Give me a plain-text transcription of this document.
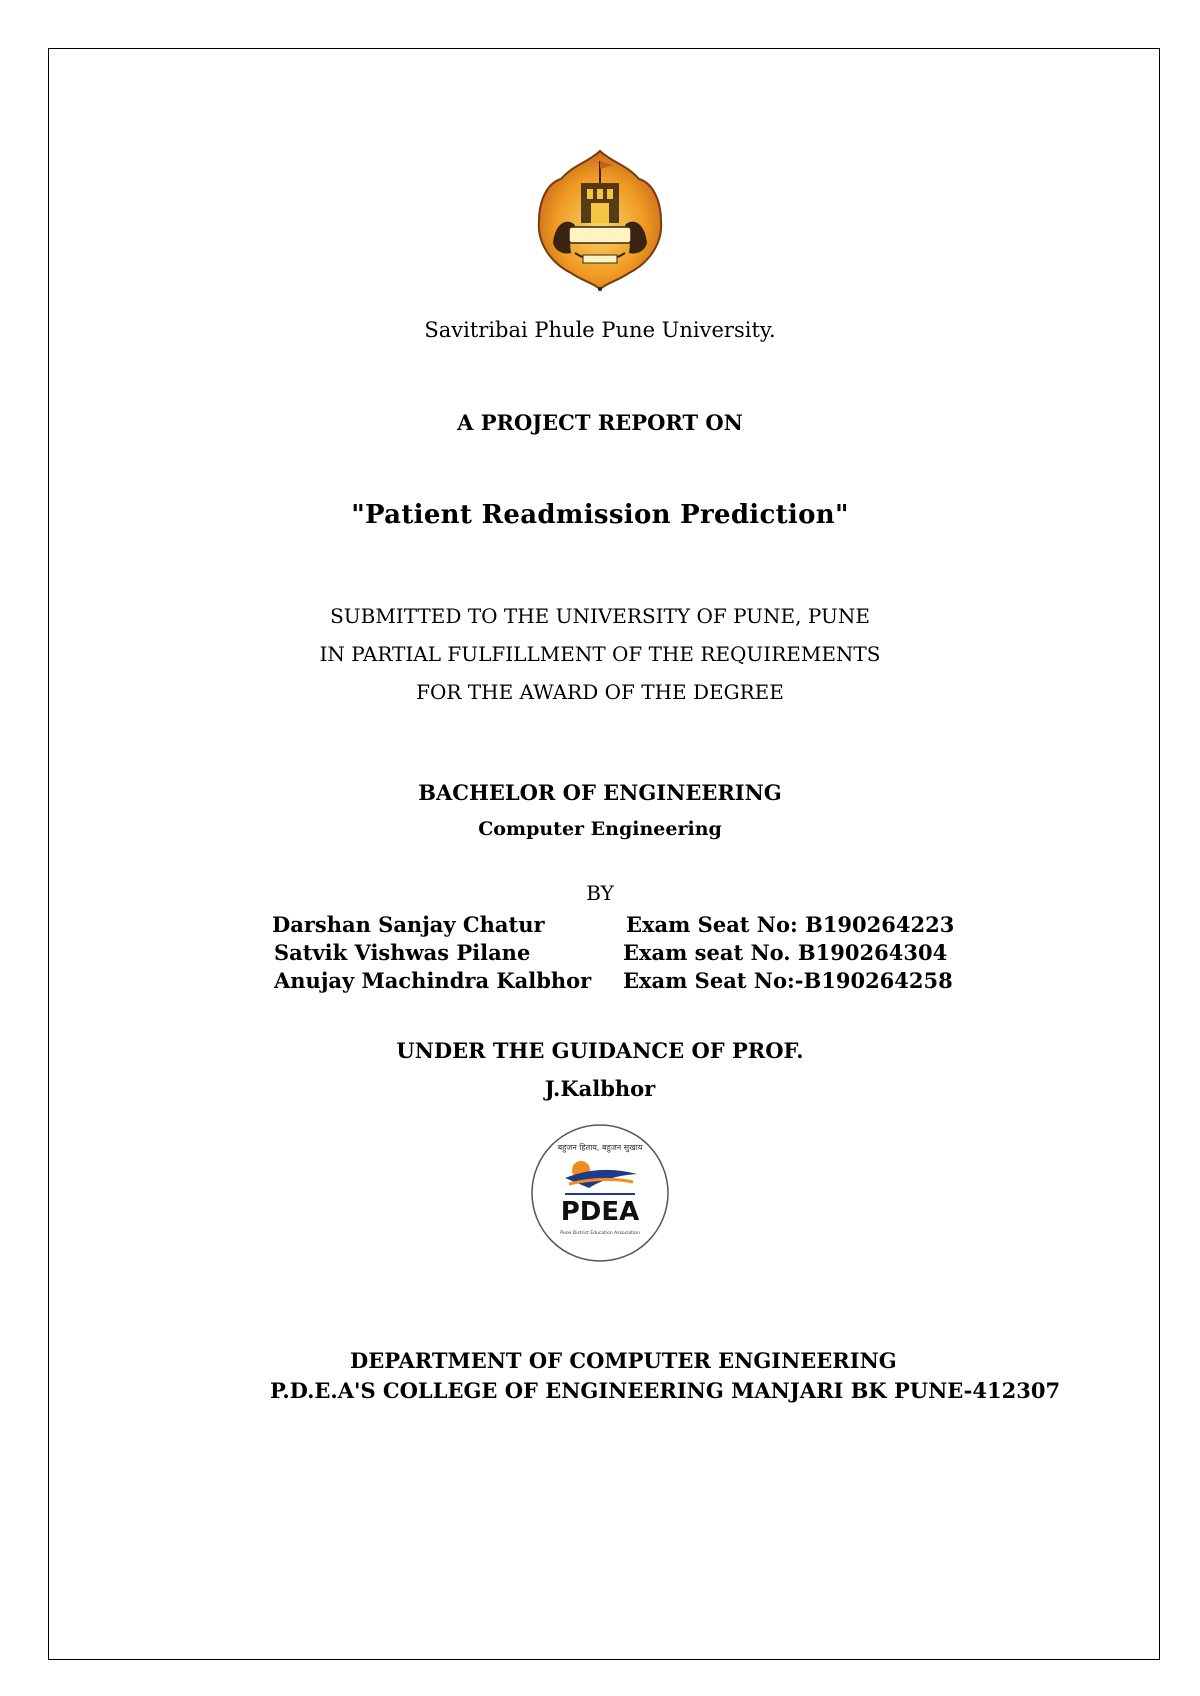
Savitribai Phule Pune University.
A PROJECT REPORT ON
"Patient Readmission Prediction"
SUBMITTED TO THE UNIVERSITY OF PUNE, PUNE
IN PARTIAL FULFILLMENT OF THE REQUIREMENTS
FOR THE AWARD OF THE DEGREE
BACHELOR OF ENGINEERING
Computer Engineering
BY
Darshan Sanjay Chatur	Exam Seat No: B190264223
Satvik Vishwas Pilane	Exam seat No. B190264304
Anujay Machindra Kalbhor Exam Seat No:-B190264258
UNDER THE GUIDANCE OF PROF.
J.Kalbhor
बहुजन हिताय, बहुजन सुखाय
PDEA
Pune District Education Association
DEPARTMENT OF COMPUTER ENGINEERING
P.D.E.A'S COLLEGE OF ENGINEERING MANJARI BK PUNE-412307
